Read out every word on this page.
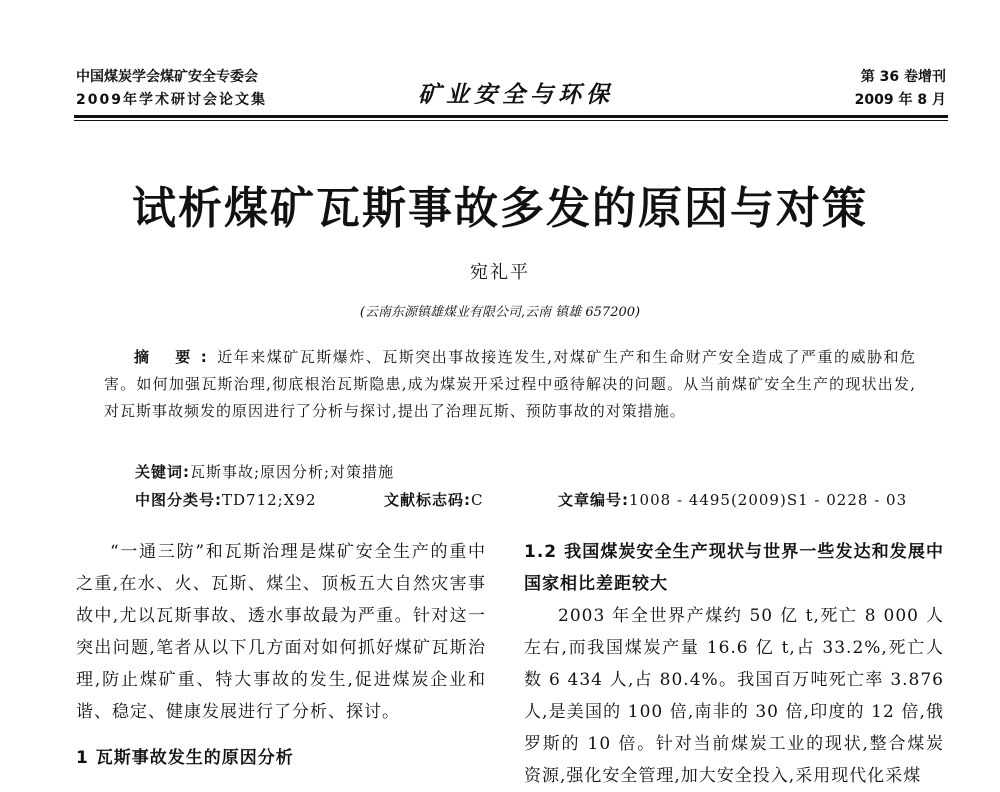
中国煤炭学会煤矿安全专委会
2009年学术研讨会论文集	矿业安全与环保
第 36 卷增刊
2009 年 8 月
试析煤矿瓦斯事故多发的原因与对策
宛礼平
(云南东源镇雄煤业有限公司,云南 镇雄 657200)
摘 要:近年来煤矿瓦斯爆炸、瓦斯突出事故接连发生,对煤矿生产和生命财产安全造成了严重的威胁和危害。如何加强瓦斯治理,彻底根治瓦斯隐患,成为煤炭开采过程中亟待解决的问题。从当前煤矿安全生产的现状出发,对瓦斯事故频发的原因进行了分析与探讨,提出了治理瓦斯、预防事故的对策措施。
关键词:瓦斯事故;原因分析;对策措施
中图分类号:TD712;X92	文献标志码:C	文章编号:1008 - 4495(2009)S1 - 0228 - 03

“一通三防”和瓦斯治理是煤矿安全生产的重中之重,在水、火、瓦斯、煤尘、顶板五大自然灾害事故中,尤以瓦斯事故、透水事故最为严重。针对这一突出问题,笔者从以下几方面对如何抓好煤矿瓦斯治理,防止煤矿重、特大事故的发生,促进煤炭企业和谐、稳定、健康发展进行了分析、探讨。

1 瓦斯事故发生的原因分析

1.2 我国煤炭安全生产现状与世界一些发达和发展中国家相比差距较大

2003 年全世界产煤约 50 亿 t,死亡 8 000 人左右,而我国煤炭产量 16.6 亿 t,占 33.2%,死亡人数 6 434 人,占 80.4%。我国百万吨死亡率 3.876 人,是美国的 100 倍,南非的 30 倍,印度的 12 倍,俄罗斯的 10 倍。针对当前煤炭工业的现状,整合煤炭资源,强化安全管理,加大安全投入,采用现代化采煤
